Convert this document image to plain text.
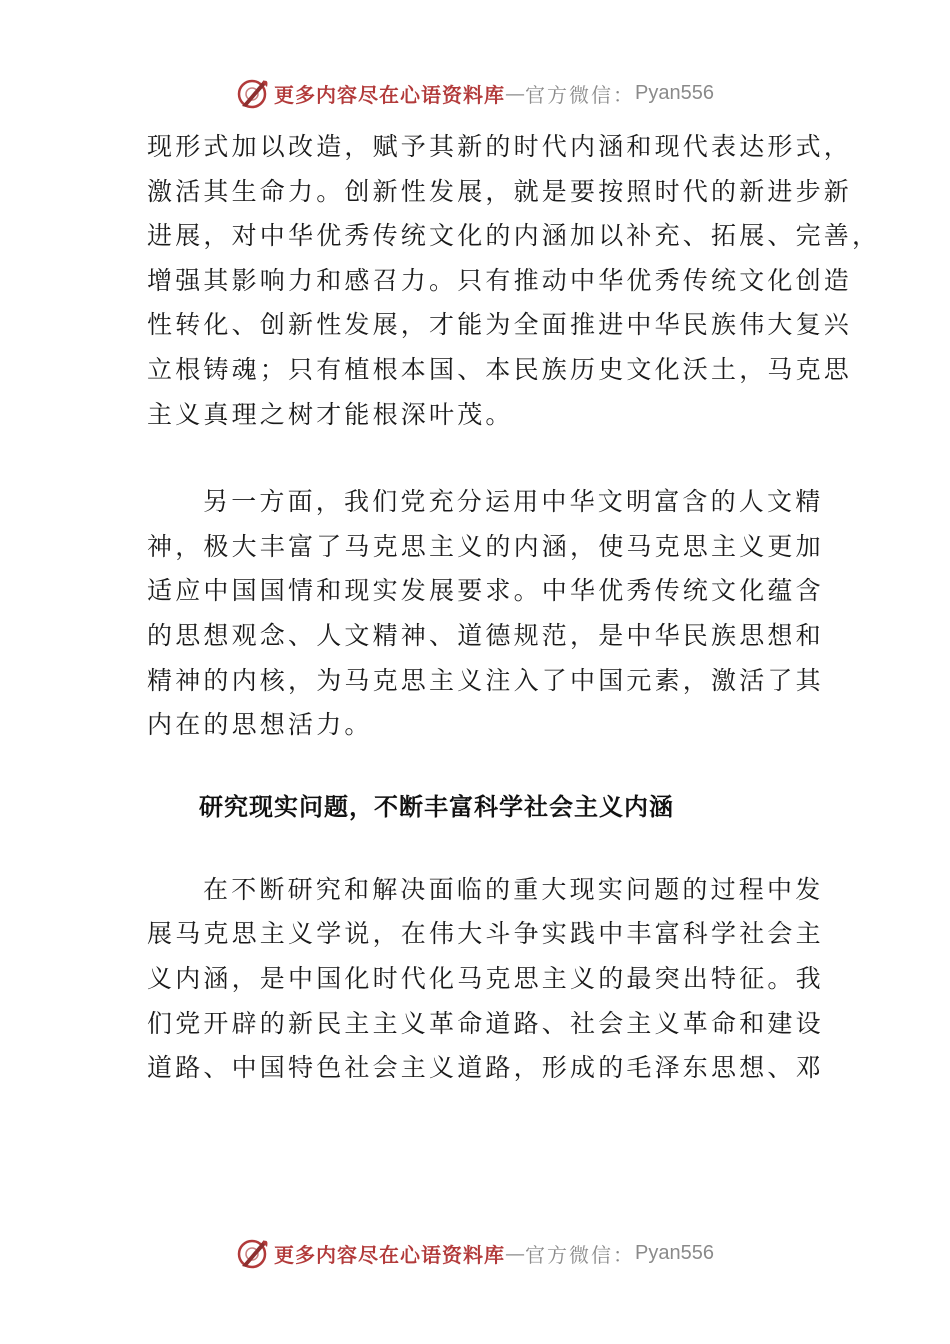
更多内容尽在心语资料库 — 官方微信： Pyan556

现形式加以改造，赋予其新的时代内涵和现代表达形式，
激活其生命力。创新性发展，就是要按照时代的新进步新
进展，对中华优秀传统文化的内涵加以补充、拓展、完善，
增强其影响力和感召力。只有推动中华优秀传统文化创造
性转化、创新性发展，才能为全面推进中华民族伟大复兴
立根铸魂；只有植根本国、本民族历史文化沃土，马克思
主义真理之树才能根深叶茂。

另一方面，我们党充分运用中华文明富含的人文精
神，极大丰富了马克思主义的内涵，使马克思主义更加
适应中国国情和现实发展要求。中华优秀传统文化蕴含
的思想观念、人文精神、道德规范，是中华民族思想和
精神的内核，为马克思主义注入了中国元素，激活了其
内在的思想活力。

研究现实问题，不断丰富科学社会主义内涵

在不断研究和解决面临的重大现实问题的过程中发
展马克思主义学说，在伟大斗争实践中丰富科学社会主
义内涵，是中国化时代化马克思主义的最突出特征。我
们党开辟的新民主主义革命道路、社会主义革命和建设
道路、中国特色社会主义道路，形成的毛泽东思想、邓

更多内容尽在心语资料库 — 官方微信： Pyan556
